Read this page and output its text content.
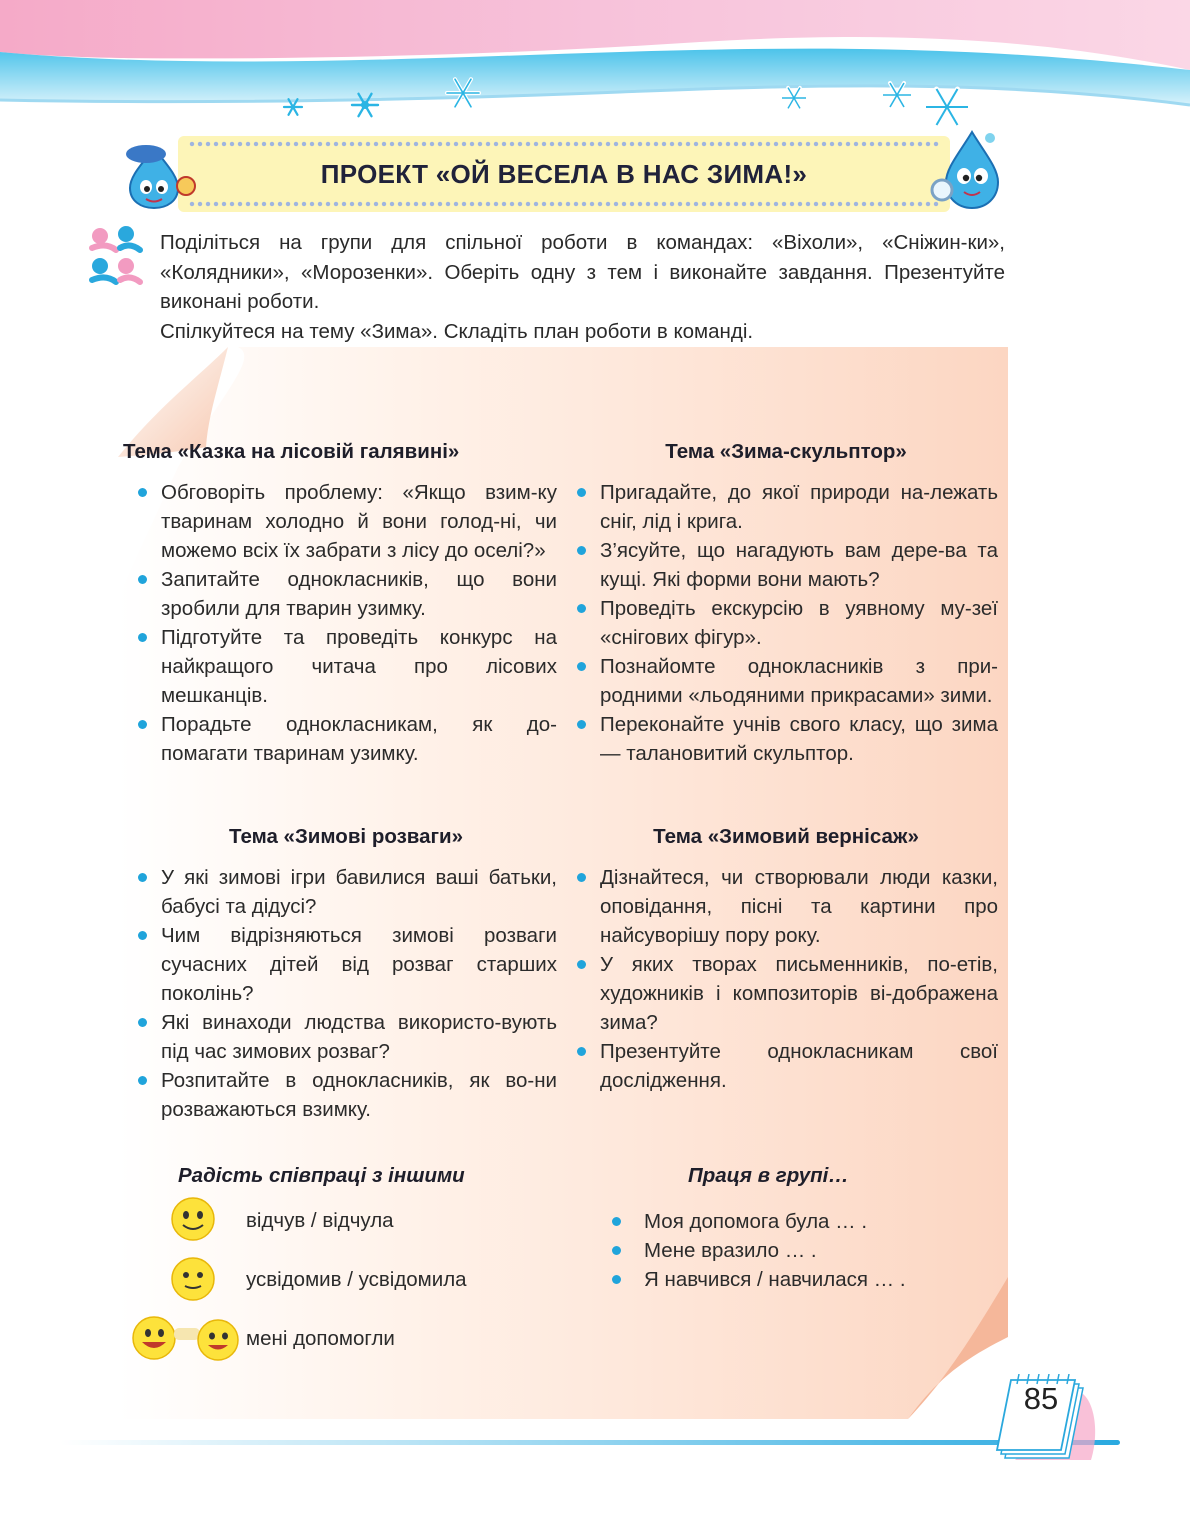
ПРОЕКТ «ОЙ ВЕСЕЛА В НАС ЗИМА!»

Поділіться на групи для спільної роботи в командах: «Віхоли», «Сніжин-ки», «Колядники», «Морозенки». Оберіть одну з тем і виконайте завдання. Презентуйте виконані роботи.

Спілкуйтеся на тему «Зима». Складіть план роботи в команді.

Тема «Казка на лісовій галявині»
Обговоріть проблему: «Якщо взим-ку тваринам холодно й вони голод-ні, чи можемо всіх їх забрати з лісу до оселі?»
Запитайте однокласників, що вони зробили для тварин узимку.
Підготуйте та проведіть конкурс на найкращого читача про лісових мешканців.
Порадьте однокласникам, як до-помагати тваринам узимку.
Тема «Зима-скульптор»
Пригадайте, до якої природи на-лежать сніг, лід і крига.
З’ясуйте, що нагадують вам дере-ва та кущі. Які форми вони мають?
Проведіть екскурсію в уявному му-зеї «снігових фігур».
Познайомте однокласників з при-родними «льодяними прикрасами» зими.
Переконайте учнів свого класу, що зима — талановитий скульптор.
Тема «Зимові розваги»
У які зимові ігри бавилися ваші батьки, бабусі та дідусі?
Чим відрізняються зимові розваги сучасних дітей від розваг старших поколінь?
Які винаходи людства використо-вують під час зимових розваг?
Розпитайте в однокласників, як во-ни розважаються взимку.
Тема «Зимовий вернісаж»
Дізнайтеся, чи створювали люди казки, оповідання, пісні та картини про найсуворішу пору року.
У яких творах письменників, по-етів, художників і композиторів ві-дображена зима?
Презентуйте однокласникам свої дослідження.
Радість співпраці з іншими
відчув / відчула
усвідомив / усвідомила
мені допомогли
Праця в групі…
Моя допомога була … .
Мене вразило … .
Я навчився / навчилася … .
85
